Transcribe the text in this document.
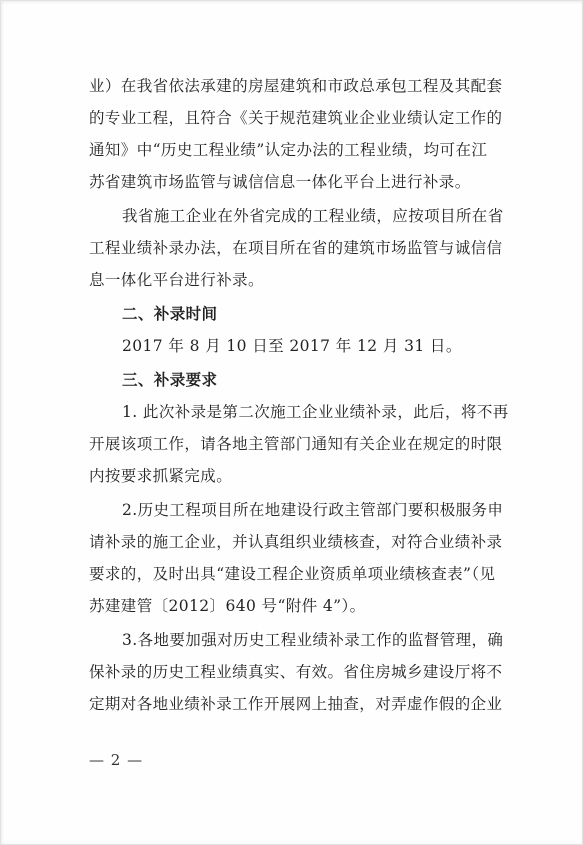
业）在我省依法承建的房屋建筑和市政总承包工程及其配套
的专业工程，且符合《关于规范建筑业企业业绩认定工作的
通知》中“历史工程业绩”认定办法的工程业绩，均可在江
苏省建筑市场监管与诚信信息一体化平台上进行补录。
我省施工企业在外省完成的工程业绩，应按项目所在省
工程业绩补录办法，在项目所在省的建筑市场监管与诚信信
息一体化平台进行补录。
二、补录时间
2017 年 8 月 10 日至 2017 年 12 月 31 日。
三、补录要求
1. 此次补录是第二次施工企业业绩补录，此后，将不再
开展该项工作，请各地主管部门通知有关企业在规定的时限
内按要求抓紧完成。
2.历史工程项目所在地建设行政主管部门要积极服务申
请补录的施工企业，并认真组织业绩核查，对符合业绩补录
要求的，及时出具“建设工程企业资质单项业绩核查表”（见
苏建建管〔2012〕640 号“附件 4”）。
3.各地要加强对历史工程业绩补录工作的监督管理，确
保补录的历史工程业绩真实、有效。省住房城乡建设厅将不
定期对各地业绩补录工作开展网上抽查，对弄虚作假的企业
— 2 —
